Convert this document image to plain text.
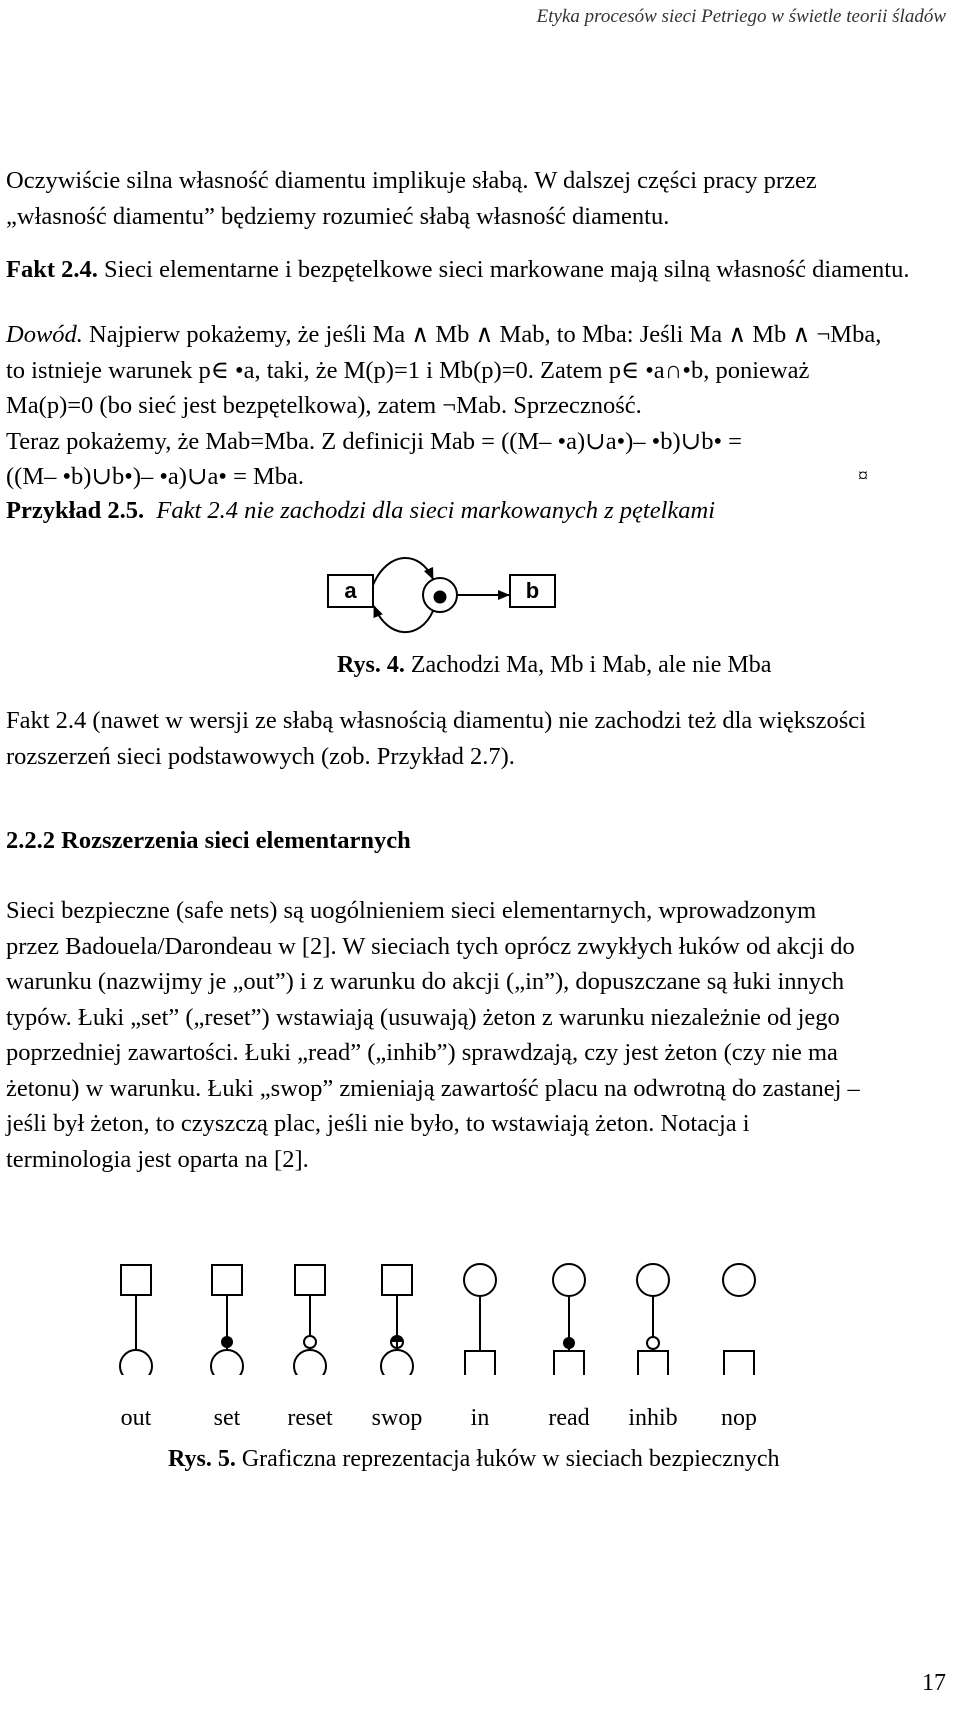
Etyka procesów sieci Petriego w świetle teorii śladów
Oczywiście silna własność diamentu implikuje słabą. W dalszej części pracy przez
„własność diamentu” będziemy rozumieć słabą własność diamentu.
Fakt 2.4. Sieci elementarne i bezpętelkowe sieci markowane mają silną własność diamentu.
Dowód. Najpierw pokażemy, że jeśli Ma ∧ Mb ∧ Mab, to Mba: Jeśli Ma ∧ Mb ∧ ¬Mba,
to istnieje warunek p∈ •a, taki, że M(p)=1 i Mb(p)=0. Zatem p∈ •a∩•b, ponieważ
Ma(p)=0 (bo sieć jest bezpętelkowa), zatem ¬Mab. Sprzeczność.
Teraz pokażemy, że Mab=Mba. Z definicji Mab = ((M– •a)∪a•)– •b)∪b• =
((M– •b)∪b•)– •a)∪a• = Mba.	¤
Przykład 2.5. Fakt 2.4 nie zachodzi dla sieci markowanych z pętelkami
a	b
Rys. 4. Zachodzi Ma, Mb i Mab, ale nie Mba
Fakt 2.4 (nawet w wersji ze słabą własnością diamentu) nie zachodzi też dla większości
rozszerzeń sieci podstawowych (zob. Przykład 2.7).
2.2.2 Rozszerzenia sieci elementarnych
Sieci bezpieczne (safe nets) są uogólnieniem sieci elementarnych, wprowadzonym
przez Badouela/Darondeau w [2]. W sieciach tych oprócz zwykłych łuków od akcji do
warunku (nazwijmy je „out”) i z warunku do akcji („in”), dopuszczane są łuki innych
typów. Łuki „set” („reset”) wstawiają (usuwają) żeton z warunku niezależnie od jego
poprzedniej zawartości. Łuki „read” („inhib”) sprawdzają, czy jest żeton (czy nie ma
żetonu) w warunku. Łuki „swop” zmieniają zawartość placu na odwrotną do zastanej –
jeśli był żeton, to czyszczą plac, jeśli nie było, to wstawiają żeton. Notacja i
terminologia jest oparta na [2].
out	set reset swop in read inhib nop
Rys. 5. Graficzna reprezentacja łuków w sieciach bezpiecznych
17
